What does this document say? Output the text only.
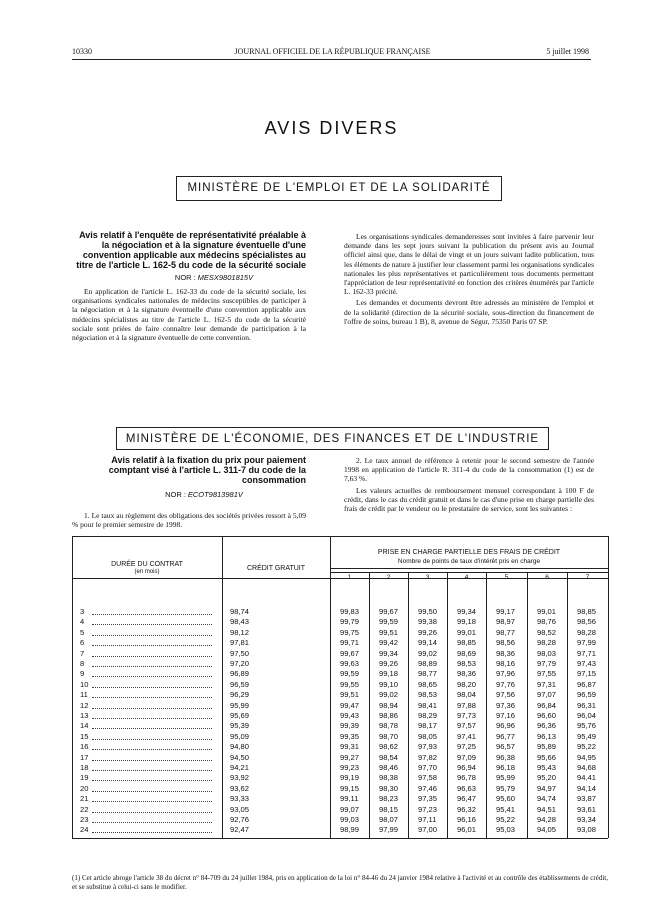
10330	JOURNAL OFFICIEL DE LA RÉPUBLIQUE FRANÇAISE	5 juillet 1998
AVIS DIVERS
MINISTÈRE DE L'EMPLOI ET DE LA SOLIDARITÉ
Avis relatif à l'enquête de représentativité préalable à la négociation et à la signature éventuelle d'une convention applicable aux médecins spécialistes au titre de l'article L. 162-5 du code de la sécurité sociale
NOR : MESX9801815V
En application de l'article L. 162-33 du code de la sécurité sociale, les organisations syndicales nationales de médecins susceptibles de participer à la négociation et à la signature éventuelle d'une convention applicable aux médecins spécialistes au titre de l'article L. 162-5 du code de la sécurité sociale sont priées de faire connaître leur demande de participation à la négociation et à la signature éventuelle de cette convention.
Les organisations syndicales demanderesses sont invitées à faire parvenir leur demande dans les sept jours suivant la publication du présent avis au Journal officiel ainsi que, dans le délai de vingt et un jours suivant ladite publication, tous les éléments de nature à justifier leur classement parmi les organisations syndicales nationales les plus représentatives et particulièrement tous documents permettant l'appréciation de leur représentativité en fonction des critères énumérés par l'article L. 162-33 précité.
Les demandes et documents devront être adressés au ministère de l'emploi et de la solidarité (direction de la sécurité sociale, sous-direction du financement de l'offre de soins, bureau 1 B), 8, avenue de Ségur, 75350 Paris 07 SP.
MINISTÈRE DE L'ÉCONOMIE, DES FINANCES ET DE L'INDUSTRIE
Avis relatif à la fixation du prix pour paiement comptant visé à l'article L. 311-7 du code de la consommation
NOR : ECOT9813981V
1. Le taux au règlement des obligations des sociétés privées ressort à 5,09 % pour le premier semestre de 1998.
2. Le taux annuel de référence à retenir pour le second semestre de l'année 1998 en application de l'article R. 311-4 du code de la consommation (1) est de 7,63 %.
Les valeurs actuelles de remboursement mensuel correspondant à 100 F de crédit, dans le cas du crédit gratuit et dans le cas d'une prise en charge partielle des frais de crédit par le vendeur ou le prestataire de service, sont les suivantes :
DURÉE DU CONTRAT
(en mois)	CRÉDIT GRATUIT
PRISE EN CHARGE PARTIELLE DES FRAIS DE CRÉDIT
Nombre de points de taux d'intérêt pris en charge
1	2	3	4	5	6	7
3	98,74	99,83	99,67	99,50	99,34	99,17	99,01	98,85
4	98,43	99,79	99,59	99,38	99,18	98,97	98,76	98,56
5	98,12	99,75	99,51	99,26	99,01	98,77	98,52	98,28
6	97,81	99,71	99,42	99,14	98,85	98,56	98,28	97,99
7	97,50	99,67	99,34	99,02	98,69	98,36	98,03	97,71
8	97,20	99,63	99,26	98,89	98,53	98,16	97,79	97,43
9	96,89	99,59	99,18	98,77	98,36	97,96	97,55	97,15
10	96,59	99,55	99,10	98,65	98,20	97,76	97,31	96,87
11	96,29	99,51	99,02	98,53	98,04	97,56	97,07	96,59
12	95,99	99,47	98,94	98,41	97,88	97,36	96,84	96,31
13	95,69	99,43	98,86	98,29	97,73	97,16	96,60	96,04
14	95,39	99,39	98,78	98,17	97,57	96,96	96,36	95,76
15	95,09	99,35	98,70	98,05	97,41	96,77	96,13	95,49
16	94,80	99,31	98,62	97,93	97,25	96,57	95,89	95,22
17	94,50	99,27	98,54	97,82	97,09	96,38	95,66	94,95
18	94,21	99,23	98,46	97,70	96,94	96,18	95,43	94,68
19	93,92	99,19	98,38	97,58	96,78	95,99	95,20	94,41
20	93,62	99,15	98,30	97,46	96,63	95,79	94,97	94,14
21	93,33	99,11	98,23	97,35	96,47	95,60	94,74	93,87
22	93,05	99,07	98,15	97,23	96,32	95,41	94,51	93,61
23	92,76	99,03	98,07	97,11	96,16	95,22	94,28	93,34
24	92,47	98,99	97,99	97,00	96,01	95,03	94,05	93,08
(1) Cet article abroge l'article 38 du décret n° 84-709 du 24 juillet 1984, pris en application de la loi n° 84-46 du 24 janvier 1984 relative à l'activité et au contrôle des établissements de crédit, et se substitue à celui-ci sans le modifier.
